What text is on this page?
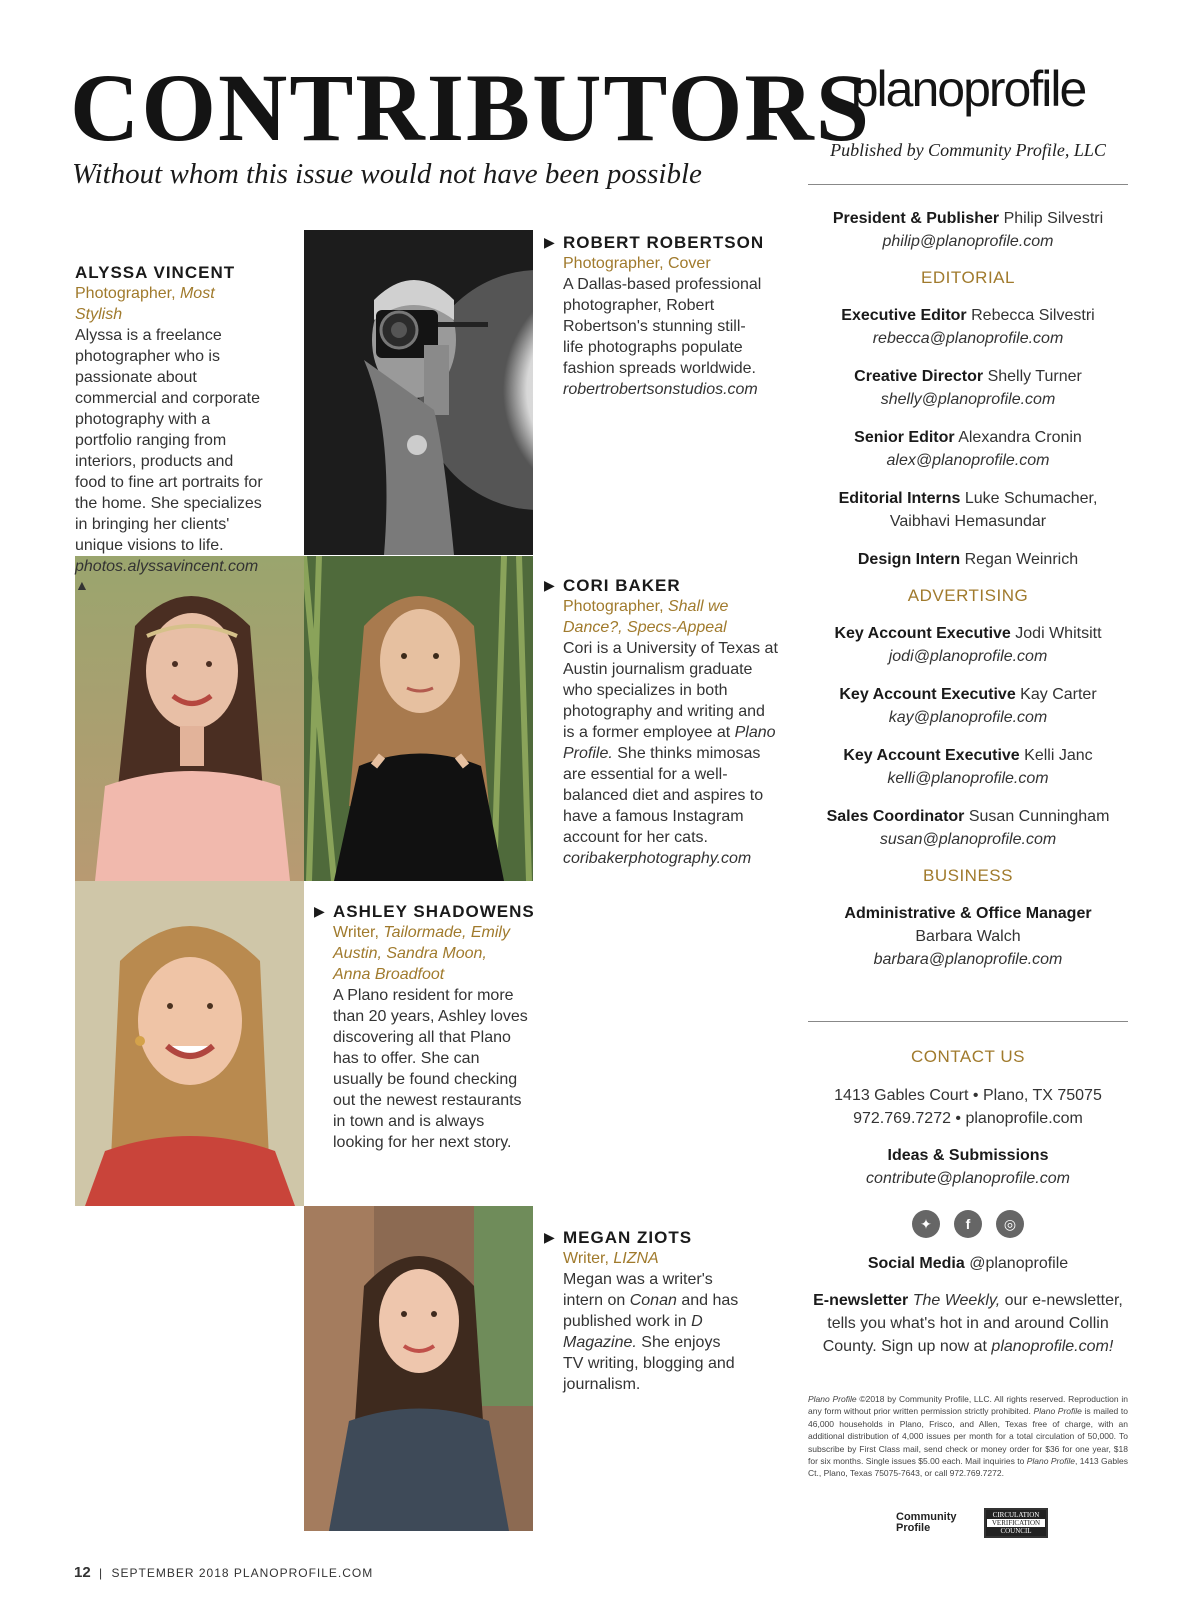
CONTRIBUTORS
Without whom this issue would not have been possible
ALYSSA VINCENT
Photographer, Most Stylish
Alyssa is a freelance photographer who is passionate about commercial and corporate photography with a portfolio ranging from interiors, products and food to fine art portraits for the home. She specializes in bringing her clients' unique visions to life.
photos.alyssavincent.com
▲
▶ ROBERT ROBERTSON
Photographer, Cover
A Dallas-based professional photographer, Robert Robertson's stunning still-life photographs populate fashion spreads worldwide.
robertrobertsonstudios.com
▶ CORI BAKER
Photographer, Shall we Dance?, Specs-Appeal
Cori is a University of Texas at Austin journalism graduate who specializes in both photography and writing and is a former employee at Plano Profile. She thinks mimosas are essential for a well-balanced diet and aspires to have a famous Instagram account for her cats.
coribakerphotography.com
▶ ASHLEY SHADOWENS
Writer, Tailormade, Emily Austin, Sandra Moon, Anna Broadfoot
A Plano resident for more than 20 years, Ashley loves discovering all that Plano has to offer. She can usually be found checking out the newest restaurants in town and is always looking for her next story.
▶ MEGAN ZIOTS
Writer, LIZNA
Megan was a writer's intern on Conan and has published work in D Magazine. She enjoys TV writing, blogging and journalism.
planoprofile
Published by Community Profile, LLC
President & Publisher Philip Silvestri
philip@planoprofile.com
EDITORIAL
Executive Editor Rebecca Silvestri
rebecca@planoprofile.com
Creative Director Shelly Turner
shelly@planoprofile.com
Senior Editor Alexandra Cronin
alex@planoprofile.com
Editorial Interns Luke Schumacher,
Vaibhavi Hemasundar
Design Intern Regan Weinrich
ADVERTISING
Key Account Executive Jodi Whitsitt
jodi@planoprofile.com
Key Account Executive Kay Carter
kay@planoprofile.com
Key Account Executive Kelli Janc
kelli@planoprofile.com
Sales Coordinator Susan Cunningham
susan@planoprofile.com
BUSINESS
Administrative & Office Manager
Barbara Walch
barbara@planoprofile.com
CONTACT US
1413 Gables Court • Plano, TX 75075
972.769.7272 • planoprofile.com
Ideas & Submissions
contribute@planoprofile.com
✦	f	◎
Social Media @planoprofile
E-newsletter The Weekly, our e-newsletter, tells you what's hot in and around Collin County. Sign up now at planoprofile.com!
Plano Profile ©2018 by Community Profile, LLC. All rights reserved. Reproduction in any form without prior written permission strictly prohibited. Plano Profile is mailed to 46,000 households in Plano, Frisco, and Allen, Texas free of charge, with an additional distribution of 4,000 issues per month for a total circulation of 50,000. To subscribe by First Class mail, send check or money order for $36 for one year, $18 for six months. Single issues $5.00 each. Mail inquiries to Plano Profile, 1413 Gables Ct., Plano, Texas 75075-7643, or call 972.769.7272.
Community Profile
CIRCULATION
VERIFICATION
COUNCIL
12 | SEPTEMBER 2018 PLANOPROFILE.COM
